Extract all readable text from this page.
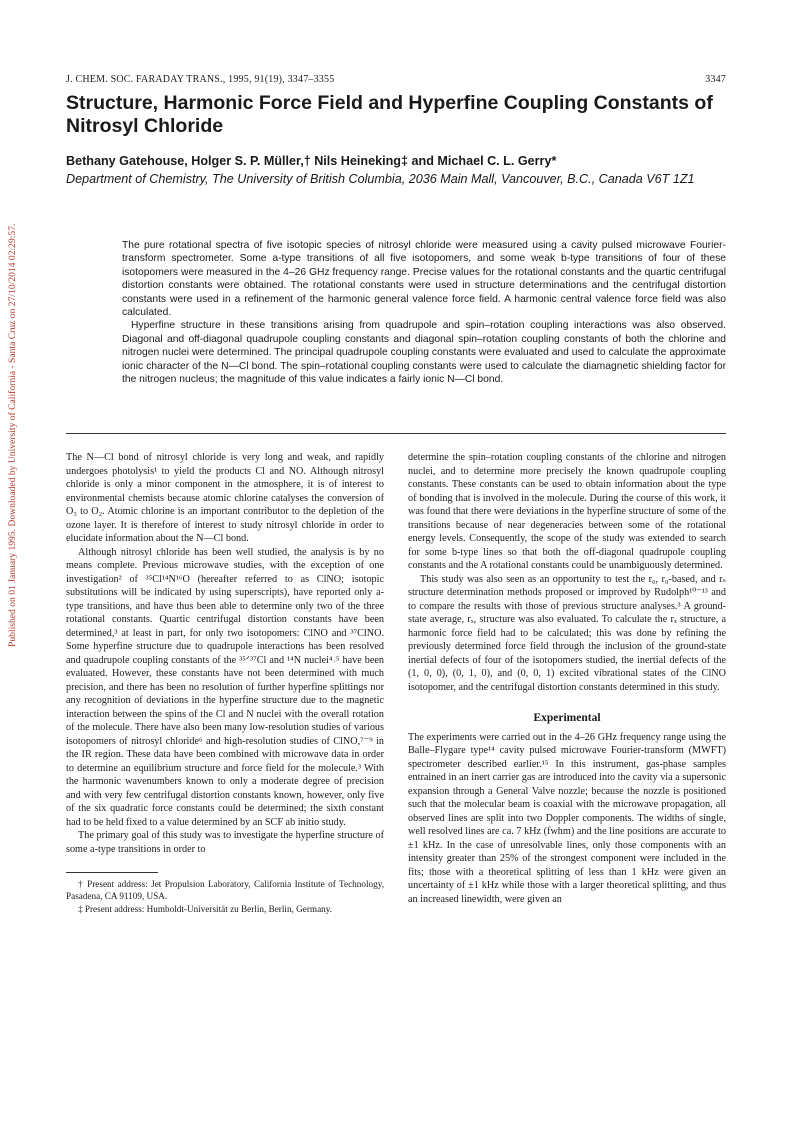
Published on 01 January 1995. Downloaded by University of California - Santa Cruz on 27/10/2014 02:29:57.
J. CHEM. SOC. FARADAY TRANS., 1995, 91(19), 3347–3355	3347
Structure, Harmonic Force Field and Hyperfine Coupling Constants of Nitrosyl Chloride

Bethany Gatehouse, Holger S. P. Müller,† Nils Heineking‡ and Michael C. L. Gerry*

Department of Chemistry, The University of British Columbia, 2036 Main Mall, Vancouver, B.C., Canada V6T 1Z1

The pure rotational spectra of five isotopic species of nitrosyl chloride were measured using a cavity pulsed microwave Fourier-transform spectrometer. Some a-type transitions of all five isotopomers, and some weak b-type transitions of four of these isotopomers were measured in the 4–26 GHz frequency range. Precise values for the rotational constants and the quartic centrifugal distortion constants were obtained. The rotational constants were used in structure determinations and the centrifugal distortion constants were used in a refinement of the harmonic general valence force field. A harmonic central valence force field was also calculated.

Hyperfine structure in these transitions arising from quadrupole and spin–rotation coupling interactions was also observed. Diagonal and off-diagonal quadrupole coupling constants and diagonal spin–rotation coupling constants of both the chlorine and nitrogen nuclei were determined. The principal quadrupole coupling constants were evaluated and used to calculate the approximate ionic character of the N—Cl bond. The spin–rotational coupling constants were used to calculate the diamagnetic shielding factor for the nitrogen nucleus; the magnitude of this value indicates a fairly ionic N—Cl bond.

The N—Cl bond of nitrosyl chloride is very long and weak, and rapidly undergoes photolysis¹ to yield the products Cl and NO. Although nitrosyl chloride is only a minor component in the atmosphere, it is of interest to environmental chemists because atomic chlorine catalyses the conversion of O₃ to O₂. Atomic chlorine is an important contributor to the depletion of the ozone layer. It is therefore of interest to study nitrosyl chloride in order to elucidate information about the N—Cl bond.

Although nitrosyl chloride has been well studied, the analysis is by no means complete. Previous microwave studies, with the exception of one investigation² of ³⁵Cl¹⁴N¹⁶O (hereafter referred to as ClNO; isotopic substitutions will be indicated by using superscripts), have reported only a-type transitions, and have thus been able to determine only two of the three rotational constants. Quartic centrifugal distortion constants have been determined,³ at least in part, for only two isotopomers: ClNO and ³⁷ClNO. Some hyperfine structure due to quadrupole interactions has been resolved and quadrupole coupling constants of the ³⁵ᐟ³⁷Cl and ¹⁴N nuclei⁴˒⁵ have been evaluated. However, these constants have not been determined with much precision, and there has been no resolution of further hyperfine splittings nor any recognition of deviations in the hyperfine structure due to the magnetic interaction between the spins of the Cl and N nuclei with the overall rotation of the molecule. There have also been many low-resolution studies of various isotopomers of nitrosyl chloride⁶ and high-resolution studies of ClNO,⁷⁻⁹ in the IR region. These data have been combined with microwave data in order to determine an equilibrium structure and force field for the molecule.³ With the harmonic wavenumbers known to only a moderate degree of precision and with very few centrifugal distortion constants known, however, only five of the six quadratic force constants could be determined; the sixth constant had to be held fixed to a value determined by an SCF ab initio study.

The primary goal of this study was to investigate the hyperfine structure of some a-type transitions in order to

† Present address: Jet Propulsion Laboratory, California Institute of Technology, Pasadena, CA 91109, USA.

‡ Present address: Humboldt-Universität zu Berlin, Berlin, Germany.

determine the spin–rotation coupling constants of the chlorine and nitrogen nuclei, and to determine more precisely the known quadrupole coupling constants. These constants can be used to obtain information about the type of bonding that is involved in the molecule. During the course of this work, it was found that there were deviations in the hyperfine structure of some of the transitions because of near degeneracies between some of the rotational energy levels. Consequently, the scope of the study was extended to search for some b-type lines so that both the off-diagonal quadrupole coupling constants and the A rotational constants could be unambiguously determined.

This study was also seen as an opportunity to test the r₀, r₀-based, and rₛ structure determination methods proposed or improved by Rudolph¹⁰⁻¹³ and to compare the results with those of previous structure analyses.³ A ground-state average, rₓ, structure was also evaluated. To calculate the rₓ structure, a harmonic force field had to be calculated; this was done by refining the previously determined force field through the inclusion of the ground-state inertial defects of four of the isotopomers studied, the inertial defects of the (1, 0, 0), (0, 1, 0), and (0, 0, 1) excited vibrational states of the ClNO isotopomer, and the centrifugal distortion constants determined in this study.

Experimental

The experiments were carried out in the 4–26 GHz frequency range using the Balle–Flygare type¹⁴ cavity pulsed microwave Fourier-transform (MWFT) spectrometer described earlier.¹⁵ In this instrument, gas-phase samples entrained in an inert carrier gas are introduced into the cavity via a supersonic expansion through a General Valve nozzle; because the nozzle is positioned such that the molecular beam is coaxial with the microwave propagation, all observed lines are split into two Doppler components. The widths of single, well resolved lines are ca. 7 kHz (fwhm) and the line positions are accurate to ±1 kHz. In the case of unresolvable lines, only those components with an intensity greater than 25% of the strongest component were included in the fits; those with a theoretical splitting of less than 1 kHz were given an uncertainty of ±1 kHz while those with a larger theoretical splitting, and thus an increased linewidth, were given an
